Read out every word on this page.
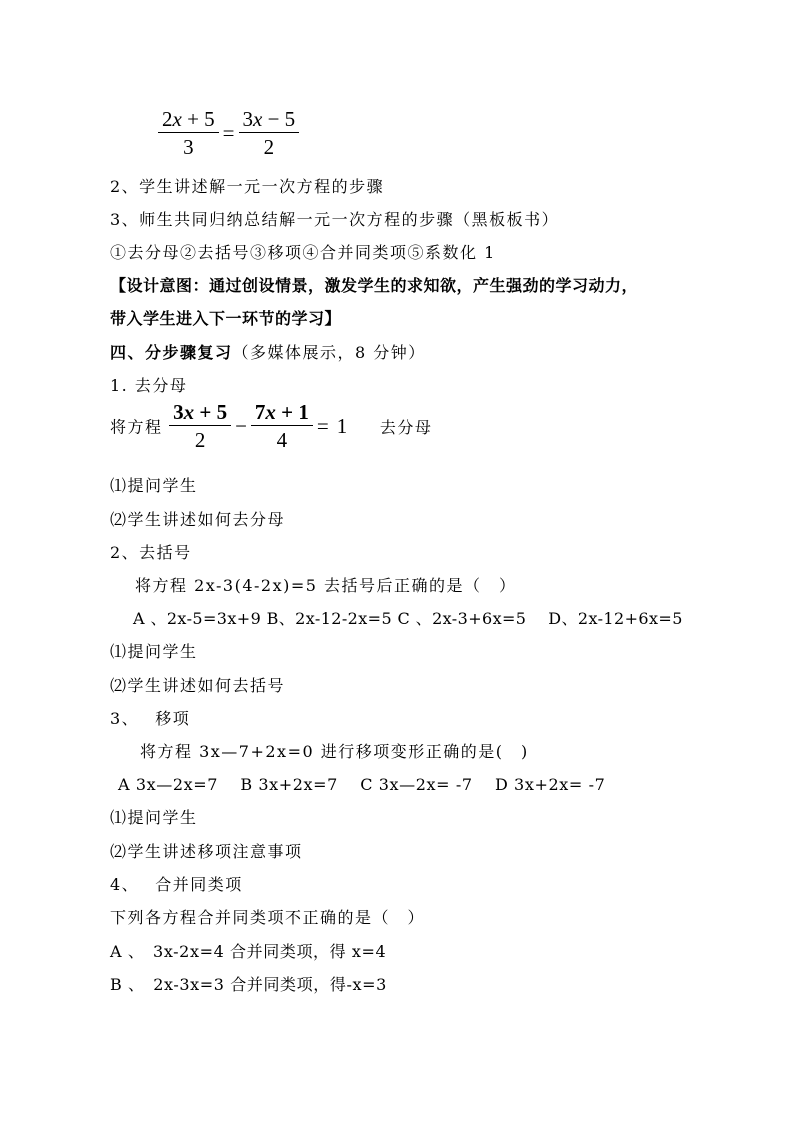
$\frac{2x + 5}{3} = \frac{3x - 5}{2}$
2、学生讲述解一元一次方程的步骤
3、师生共同归纳总结解一元一次方程的步骤（黑板板书）
①去分母②去括号③移项④合并同类项⑤系数化 1
【设计意图：通过创设情景，激发学生的求知欲，产生强劲的学习动力，
带入学生进入下一环节的学习】
四、分步骤复习（多媒体展示，8 分钟）
1. 去分母
将方程 $\frac{3x + 5}{2} - \frac{7x + 1}{4} = 1$ 去分母
⑴提问学生
⑵学生讲述如何去分母
2、去括号
将方程 2x-3(4-2x)=5 去括号后正确的是（　）
A 、2x-5=3x+9 B、2x-12-2x=5 C 、2x-3+6x=5　 D、2x-12+6x=5
⑴提问学生
⑵学生讲述如何去括号
3、　 移项
将方程 3x—7+2x=0 进行移项变形正确的是(　)
A 3x—2x=7　 B 3x+2x=7　 C 3x—2x= -7　 D 3x+2x= -7
⑴提问学生
⑵学生讲述移项注意事项
4、　 合并同类项
下列各方程合并同类项不正确的是（　）
A 、　3x-2x=4 合并同类项，得 x=4
B 、　2x-3x=3 合并同类项，得-x=3
